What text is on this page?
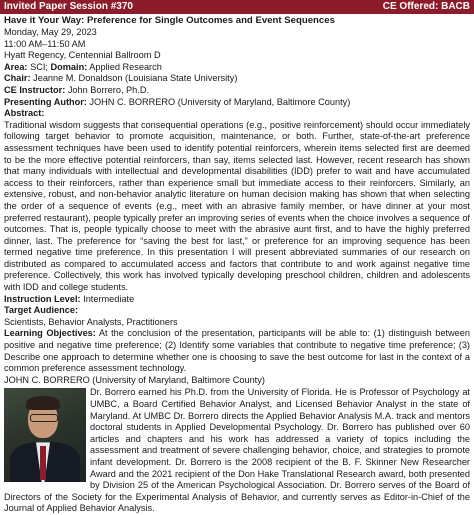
Invited Paper Session #370	CE Offered: BACB

Have it Your Way: Preference for Single Outcomes and Event Sequences

Monday, May 29, 2023

11:00 AM–11:50 AM

Hyatt Regency, Centennial Ballroom D

Area: SCI; Domain: Applied Research

Chair: Jeanne M. Donaldson (Louisiana State University)

CE Instructor: John Borrero, Ph.D.

Presenting Author: JOHN C. BORRERO (University of Maryland, Baltimore County)

Abstract:

Traditional wisdom suggests that consequential operations (e.g., positive reinforcement) should occur immediately following target behavior to promote acquisition, maintenance, or both. Further, state-of-the-art preference assessment techniques have been used to identify potential reinforcers, wherein items selected first are deemed to be the more effective potential reinforcers, than say, items selected last. However, recent research has shown that many individuals with intellectual and developmental disabilities (IDD) prefer to wait and have accumulated access to their reinforcers, rather than experience small but immediate access to their reinforcers. Similarly, an extensive, robust, and non-behavior analytic literature on human decision making has shown that when selecting the order of a sequence of events (e.g., meet with an abrasive family member, or have dinner at your most preferred restaurant), people typically prefer an improving series of events when the choice involves a sequence of outcomes. That is, people typically choose to meet with the abrasive aunt first, and to have the highly preferred dinner, last. The preference for “saving the best for last,” or preference for an improving sequence has been termed negative time preference. In this presentation I will present abbreviated summaries of our research on distributed as compared to accumulated access and factors that contribute to and work against negative time preference. Collectively, this work has involved typically developing preschool children, children and adolescents with IDD and college students.

Instruction Level: Intermediate

Target Audience:

Scientists, Behavior Analysts, Practitioners

Learning Objectives: At the conclusion of the presentation, participants will be able to: (1) distinguish between positive and negative time preference; (2) Identify some variables that contribute to negative time preference; (3) Describe one approach to determine whether one is choosing to save the best outcome for last in the context of a common preference assessment technology.

JOHN C. BORRERO (University of Maryland, Baltimore County)

Dr. Borrero earned his Ph.D. from the University of Florida. He is Professor of Psychology at UMBC, a Board Certified Behavior Analyst, and Licensed Behavior Analyst in the state of Maryland. At UMBC Dr. Borrero directs the Applied Behavior Analysis M.A. track and mentors doctoral students in Applied Developmental Psychology. Dr. Borrero has published over 60 articles and chapters and his work has addressed a variety of topics including the assessment and treatment of severe challenging behavior, choice, and strategies to promote infant development. Dr. Borrero is the 2008 recipient of the B. F. Skinner New Researcher Award and the 2021 recipient of the Don Hake Translational Research award, both presented by Division 25 of the American Psychological Association. Dr. Borrero serves of the Board of Directors of the Society for the Experimental Analysis of Behavior, and currently serves as Editor-in-Chief of the Journal of Applied Behavior Analysis.
